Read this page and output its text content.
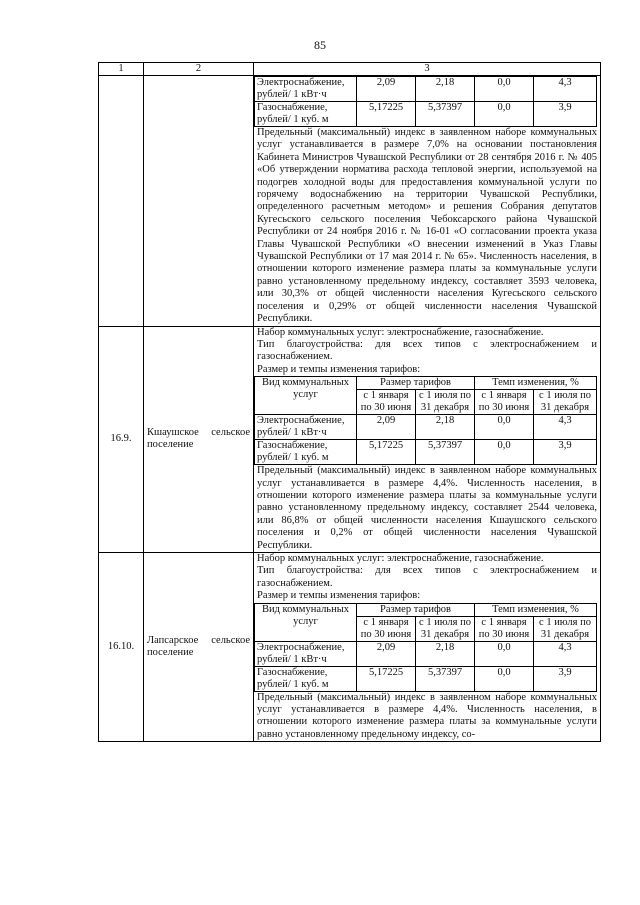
85
1	2	3

Электроснабжение, рублей/ 1 кВт·ч	2,09	2,18	0,0	4,3
Газоснабжение, рублей/ 1 куб. м	5,17225	5,37397	0,0	3,9
Предельный (максимальный) индекс в заявленном наборе коммунальных услуг устанавливается в размере 7,0% на основании постановления Кабинета Министров Чувашской Республики от 28 сентября 2016 г. № 405 «Об утверждении норматива расхода тепловой энергии, используемой на подогрев холодной воды для предоставления коммунальной услуги по горячему водоснабжению на территории Чувашской Республики, определенного расчетным методом» и решения Собрания депутатов Кугесьского сельского поселения Чебоксарского района Чувашской Республики от 24 ноября 2016 г. № 16-01 «О согласовании проекта указа Главы Чувашской Республики «О внесении изменений в Указ Главы Чувашской Республики от 17 мая 2014 г. № 65». Численность населения, в отношении которого изменение размера платы за коммунальные услуги равно установленному предельному индексу, составляет 3593 человека, или 30,3% от общей численности населения Кугесьского сельского поселения и 0,29% от общей численности населения Чувашской Республики.

16.9.	Кшаушское сельское поселение	
Набор коммунальных услуг: электроснабжение, газоснабжение.
Тип благоустройства: для всех типов с электроснабжением и газоснабжением.
Размер и темпы изменения тарифов:
Вид коммунальных услуг	Размер тарифов	Темп изменения, %
с 1 января по 30 июня	с 1 июля по 31 декабря	с 1 января по 30 июня	с 1 июля по 31 декабря
Электроснабжение, рублей/ 1 кВт·ч	2,09	2,18	0,0	4,3
Газоснабжение, рублей/ 1 куб. м	5,17225	5,37397	0,0	3,9
Предельный (максимальный) индекс в заявленном наборе коммунальных услуг устанавливается в размере 4,4%. Численность населения, в отношении которого изменение размера платы за коммунальные услуги равно установленному предельному индексу, составляет 2544 человека, или 86,8% от общей численности населения Кшаушского сельского поселения и 0,2% от общей численности населения Чувашской Республики.

16.10.	Лапсарское сельское поселение	
Набор коммунальных услуг: электроснабжение, газоснабжение.
Тип благоустройства: для всех типов с электроснабжением и газоснабжением.
Размер и темпы изменения тарифов:
Вид коммунальных услуг	Размер тарифов	Темп изменения, %
с 1 января по 30 июня	с 1 июля по 31 декабря	с 1 января по 30 июня	с 1 июля по 31 декабря
Электроснабжение, рублей/ 1 кВт·ч	2,09	2,18	0,0	4,3
Газоснабжение, рублей/ 1 куб. м	5,17225	5,37397	0,0	3,9
Предельный (максимальный) индекс в заявленном наборе коммунальных услуг устанавливается в размере 4,4%. Численность населения, в отношении которого изменение размера платы за коммунальные услуги равно установленному предельному индексу, со-
